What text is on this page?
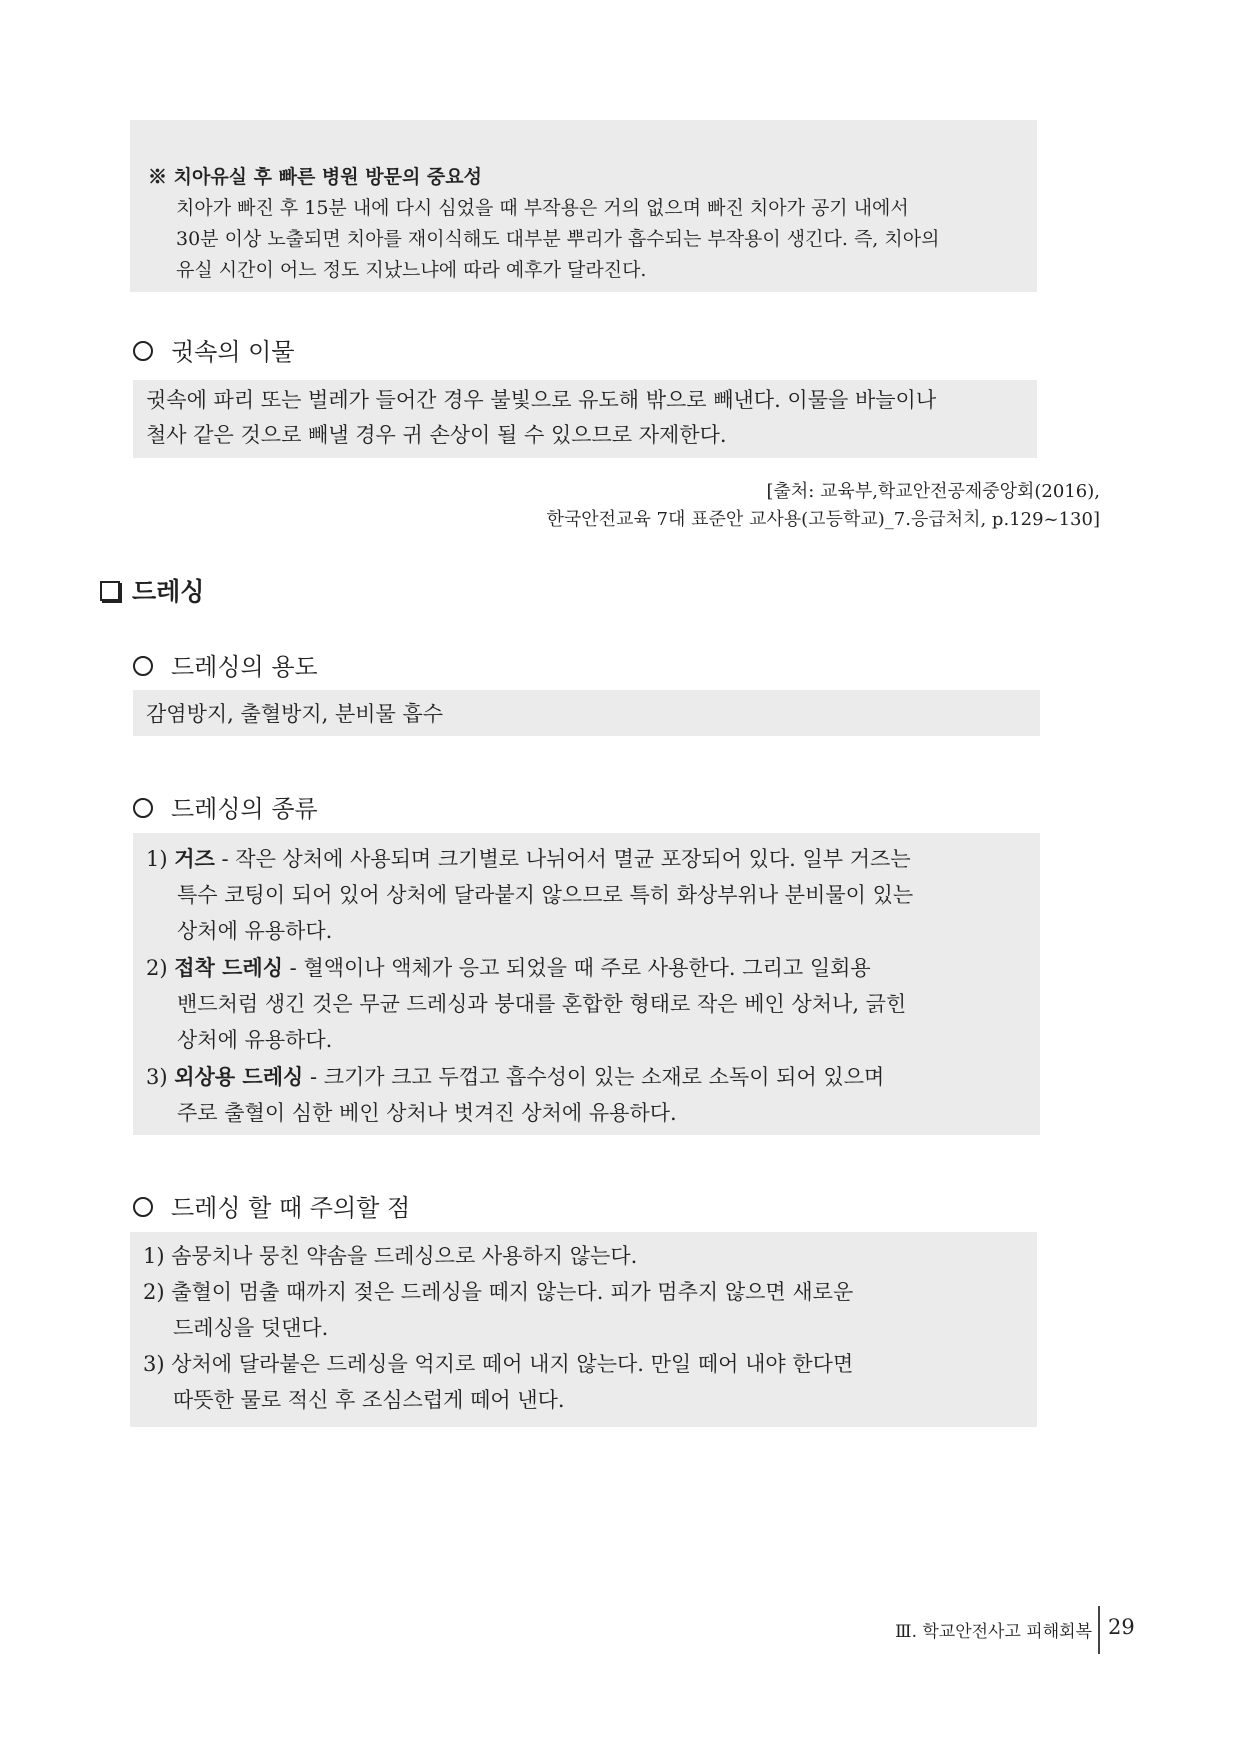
※ 치아유실 후 빠른 병원 방문의 중요성
치아가 빠진 후 15분 내에 다시 심었을 때 부작용은 거의 없으며 빠진 치아가 공기 내에서
30분 이상 노출되면 치아를 재이식해도 대부분 뿌리가 흡수되는 부작용이 생긴다. 즉, 치아의
유실 시간이 어느 정도 지났느냐에 따라 예후가 달라진다.
귓속의 이물
귓속에 파리 또는 벌레가 들어간 경우 불빛으로 유도해 밖으로 빼낸다. 이물을 바늘이나
철사 같은 것으로 빼낼 경우 귀 손상이 될 수 있으므로 자제한다.
[출처: 교육부,학교안전공제중앙회(2016),
한국안전교육 7대 표준안 교사용(고등학교)_7.응급처치, p.129~130]
드레싱
드레싱의 용도
감염방지, 출혈방지, 분비물 흡수
드레싱의 종류
1) 거즈 - 작은 상처에 사용되며 크기별로 나뉘어서 멸균 포장되어 있다. 일부 거즈는
특수 코팅이 되어 있어 상처에 달라붙지 않으므로 특히 화상부위나 분비물이 있는
상처에 유용하다.
2) 접착 드레싱 - 혈액이나 액체가 응고 되었을 때 주로 사용한다. 그리고 일회용
밴드처럼 생긴 것은 무균 드레싱과 붕대를 혼합한 형태로 작은 베인 상처나, 긁힌
상처에 유용하다.
3) 외상용 드레싱 - 크기가 크고 두껍고 흡수성이 있는 소재로 소독이 되어 있으며
주로 출혈이 심한 베인 상처나 벗겨진 상처에 유용하다.
드레싱 할 때 주의할 점
1) 솜뭉치나 뭉친 약솜을 드레싱으로 사용하지 않는다.
2) 출혈이 멈출 때까지 젖은 드레싱을 떼지 않는다. 피가 멈추지 않으면 새로운
드레싱을 덧댄다.
3) 상처에 달라붙은 드레싱을 억지로 떼어 내지 않는다. 만일 떼어 내야 한다면
따뜻한 물로 적신 후 조심스럽게 떼어 낸다.
Ⅲ. 학교안전사고 피해회복 29
